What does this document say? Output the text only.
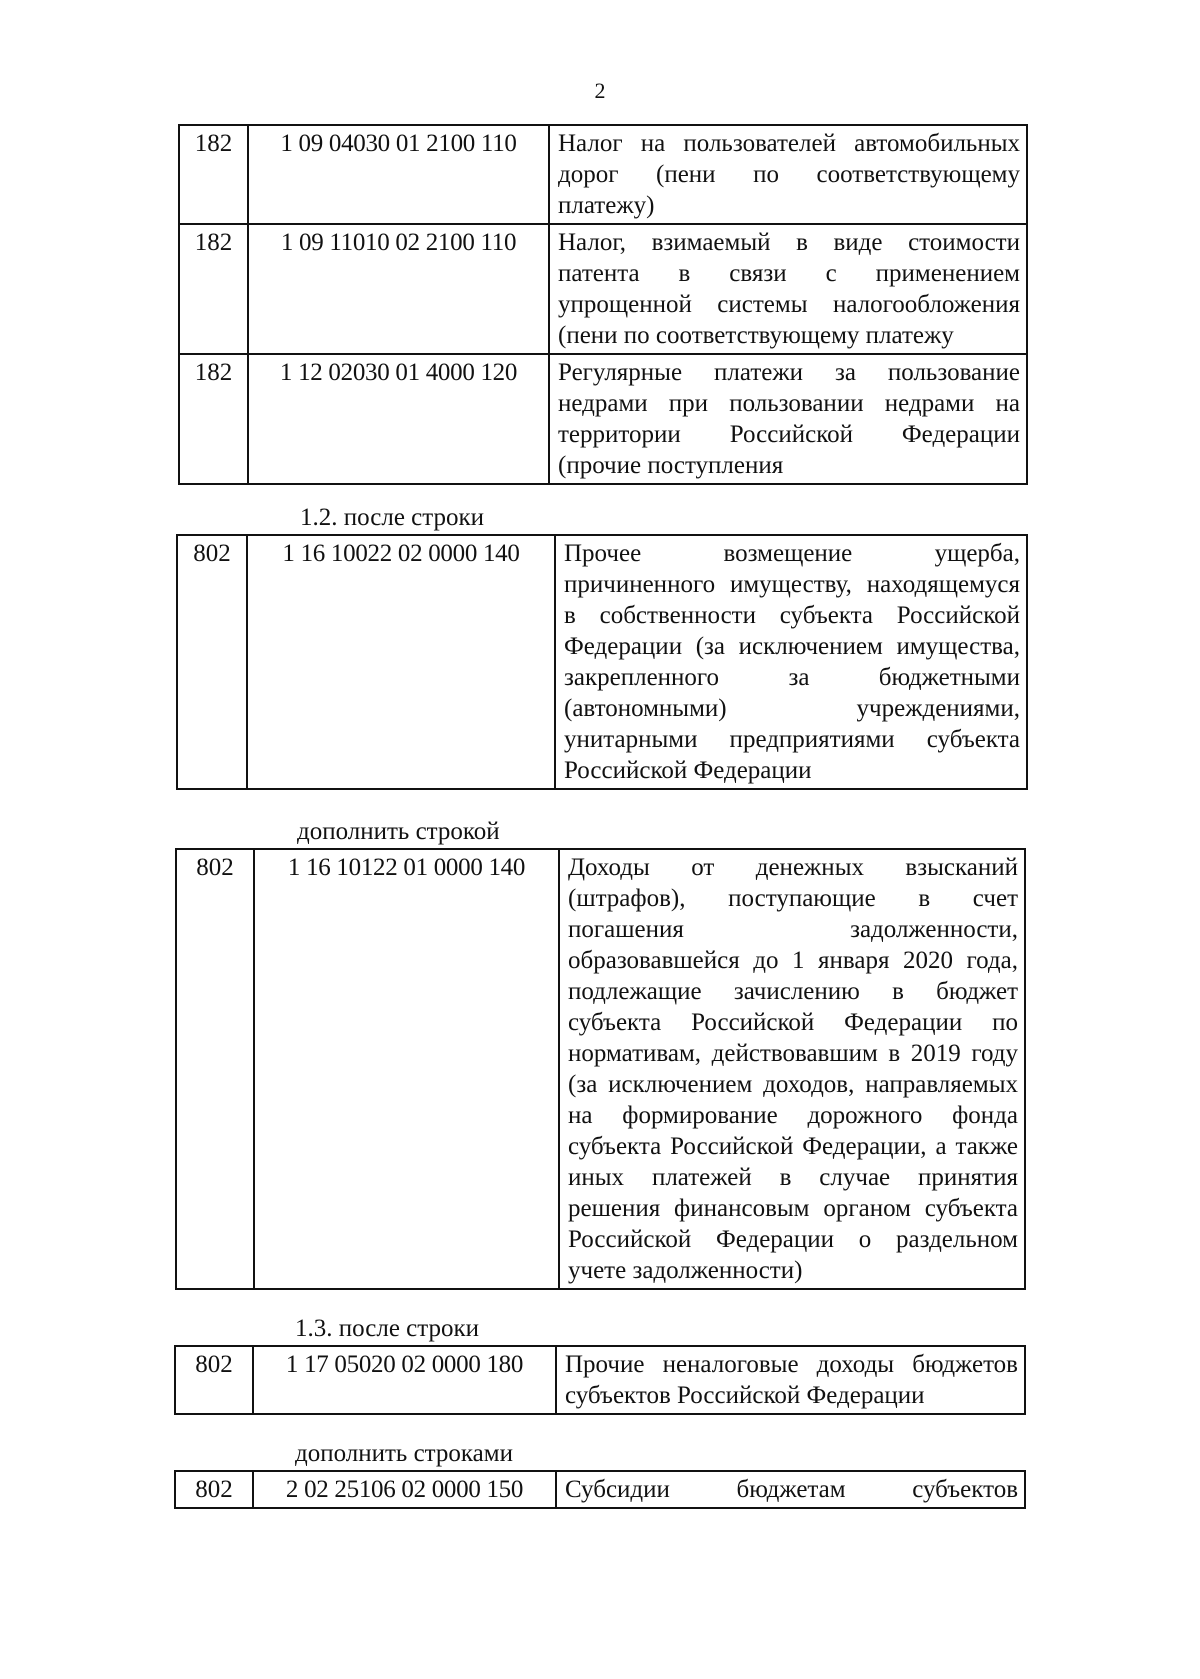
2
182	1 09 04030 01 2100 110	Налог на пользователей автомобильных
дорог (пени по соответствующему
платежу)

182	1 09 11010 02 2100 110	Налог, взимаемый в виде стоимости
патента в связи с применением
упрощенной системы налогообложения
(пени по соответствующему платежу

182	1 12 02030 01 4000 120	Регулярные платежи за пользование
недрами при пользовании недрами на
территории Российской Федерации
(прочие поступления
1.2. после строки
802	1 16 10022 02 0000 140	Прочее возмещение ущерба,
причиненного имуществу, находящемуся
в собственности субъекта Российской
Федерации (за исключением имущества,
закрепленного за бюджетными
(автономными) учреждениями,
унитарными предприятиями субъекта
Российской Федерации
дополнить строкой
802	1 16 10122 01 0000 140	Доходы от денежных взысканий
(штрафов), поступающие в счет
погашения задолженности,
образовавшейся до 1 января 2020 года,
подлежащие зачислению в бюджет
субъекта Российской Федерации по
нормативам, действовавшим в 2019 году
(за исключением доходов, направляемых
на формирование дорожного фонда
субъекта Российской Федерации, а также
иных платежей в случае принятия
решения финансовым органом субъекта
Российской Федерации о раздельном
учете задолженности)
1.3. после строки
802	1 17 05020 02 0000 180	Прочие неналоговые доходы бюджетов
субъектов Российской Федерации
дополнить строками
802	2 02 25106 02 0000 150	Субсидии бюджетам субъектов
